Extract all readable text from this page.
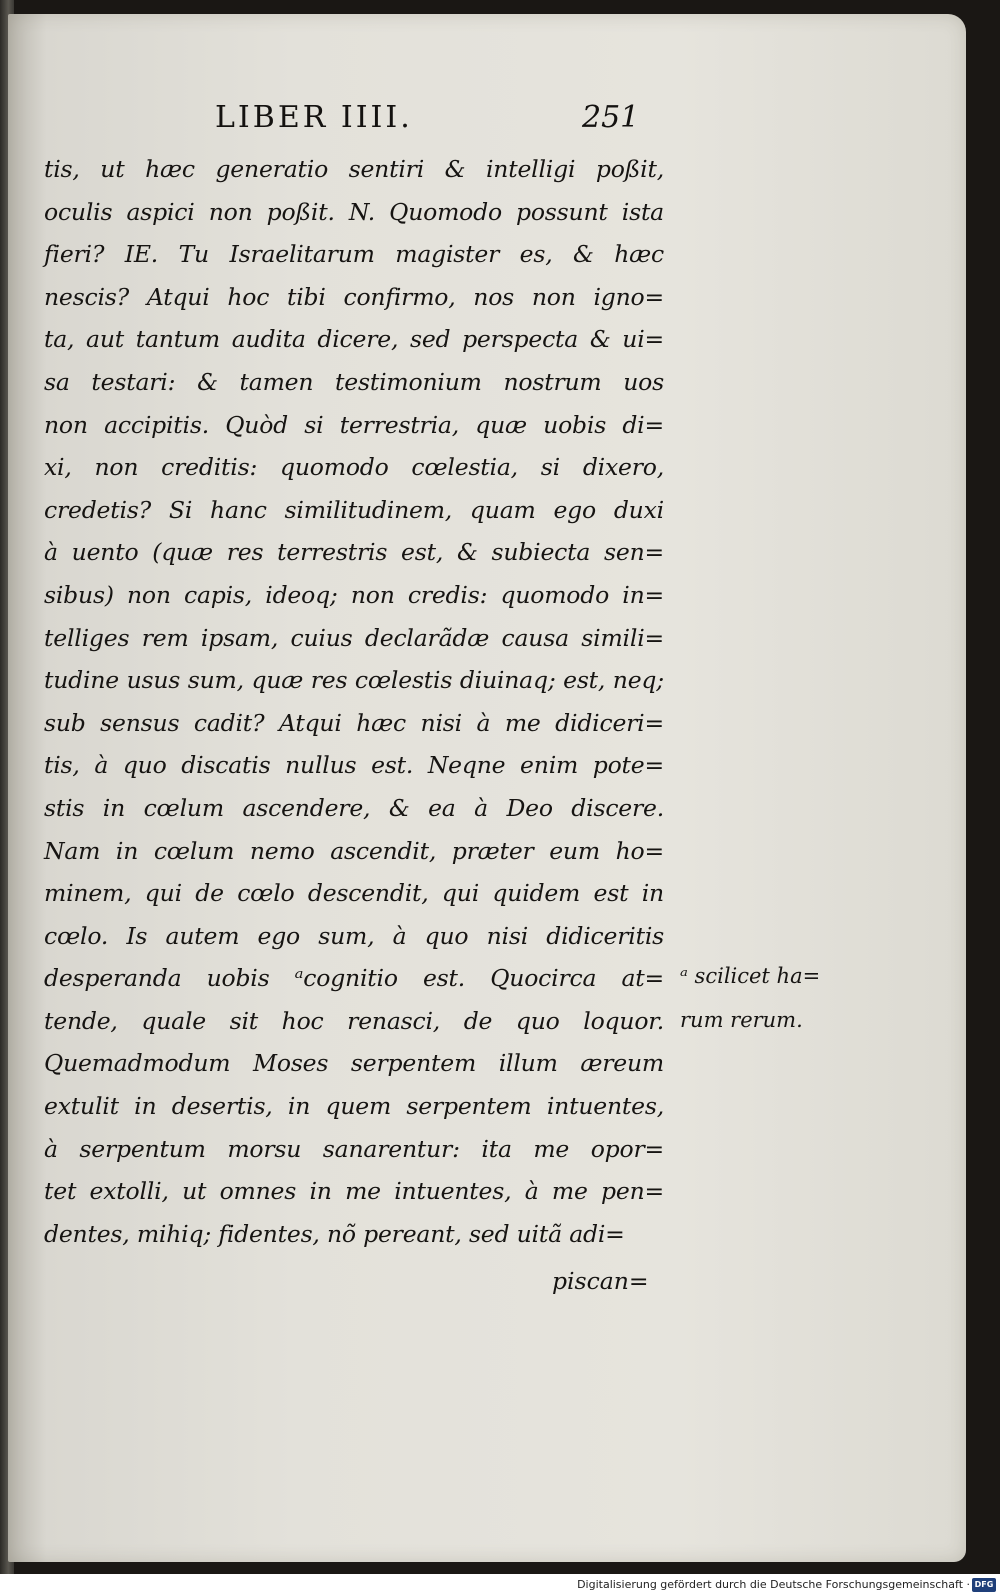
LIBER IIII.	251
tis, ut hæc generatio sentiri & intelligi poßit,
oculis aspici non poßit. N. Quomodo possunt ista
fieri? IE. Tu Israelitarum magister es, & hæc
nescis? Atqui hoc tibi confirmo, nos non igno=
ta, aut tantum audita dicere, sed perspecta & ui=
sa testari: & tamen testimonium nostrum uos
non accipitis. Quòd si terrestria, quæ uobis di=
xi, non creditis: quomodo cœlestia, si dixero,
credetis? Si hanc similitudinem, quam ego duxi
à uento (quæ res terrestris est, & subiecta sen=
sibus) non capis, ideoq; non credis: quomodo in=
telliges rem ipsam, cuius declarãdæ causa simili=
tudine usus sum, quæ res cœlestis diuinaq; est, neq;
sub sensus cadit? Atqui hæc nisi à me didiceri=
tis, à quo discatis nullus est. Neqne enim pote=
stis in cœlum ascendere, & ea à Deo discere.
Nam in cœlum nemo ascendit, præter eum ho=
minem, qui de cœlo descendit, qui quidem est in
cœlo. Is autem ego sum, à quo nisi didiceritis
desperanda uobis ᵃcognitio est. Quocirca at=
tende, quale sit hoc renasci, de quo loquor.
Quemadmodum Moses serpentem illum æreum
extulit in desertis, in quem serpentem intuentes,
à serpentum morsu sanarentur: ita me opor=
tet extolli, ut omnes in me intuentes, à me pen=
dentes, mihiq; fidentes, nõ pereant, sed uitã adi=
piscan=
ᵃ scilicet ha=
rum rerum.
Digitalisierung gefördert durch die Deutsche Forschungsgemeinschaft · DFG
